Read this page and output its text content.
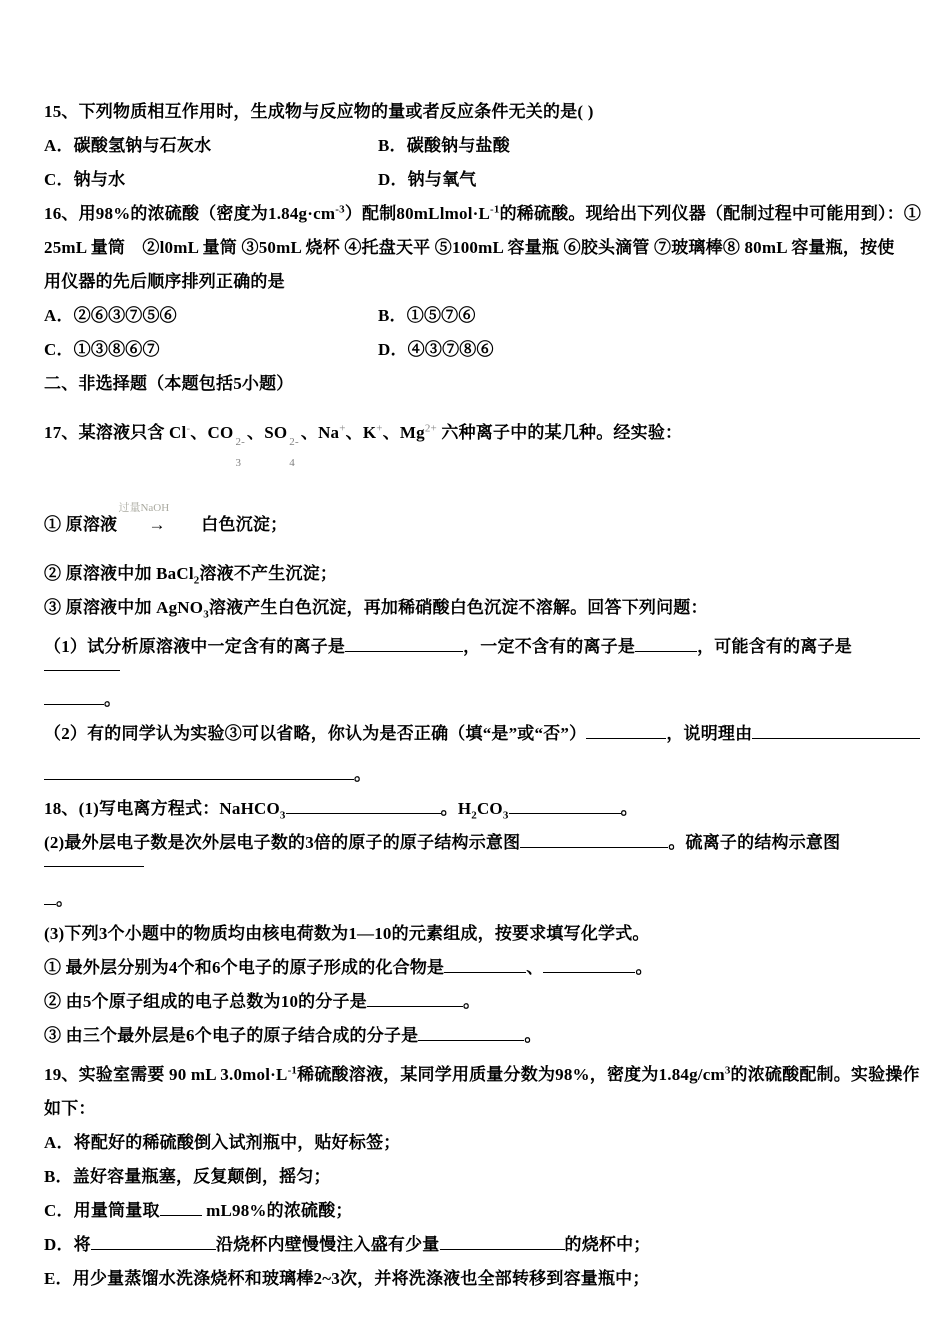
15、下列物质相互作用时，生成物与反应物的量或者反应条件无关的是( )
A．碳酸氢钠与石灰水	B．碳酸钠与盐酸
C．钠与水	D．钠与氧气
16、用98%的浓硫酸（密度为$1.84g\cdot cm^{-3}$）配制$80mLlmol\cdot L^{-1}$的稀硫酸。现给出下列仪器（配制过程中可能用到）：①
25mL 量筒　②l0mL 量筒 ③50mL 烧杯 ④托盘天平 ⑤100mL 容量瓶 ⑥胶头滴管 ⑦玻璃棒⑧ 80mL 容量瓶，按使
用仪器的先后顺序排列正确的是
A．②⑥③⑦⑤⑥	B．①⑤⑦⑥
C．①③⑧⑥⑦	D．④③⑦⑧⑥
二、非选择题（本题包括5小题）
17、某溶液只含 Cl-、CO 2-
3
、SO 2-
4
、Na+、K+、$Mg^{2+}$ 六种离子中的某几种。经实验：
① 原溶液　
过量NaOH
→　 白色沉淀；
② 原溶液中加 BaCl$_2$溶液不产生沉淀；
③ 原溶液中加 AgNO$_3$溶液产生白色沉淀，再加稀硝酸白色沉淀不溶解。回答下列问题：
（1）试分析原溶液中一定含有的离子是	，一定不含有的离子是	，可能含有的离子是
。
（2）有的同学认为实验③可以省略，你认为是否正确（填“是”或“否”）	，说明理由
。
18、(1)写电离方程式：NaHCO$_3$	。$H_2CO_3$	。
(2)最外层电子数是次外层电子数的3倍的原子的原子结构示意图	。硫离子的结构示意图
。
(3)下列3个小题中的物质均由核电荷数为1—10的元素组成，按要求填写化学式。
① 最外层分别为4个和6个电子的原子形成的化合物是	、	。
② 由5个原子组成的电子总数为10的分子是	。
③ 由三个最外层是6个电子的原子结合成的分子是	。
19、实验室需要 90 mL $3.0mol\cdot L^{-1}$稀硫酸溶液，某同学用质量分数为98%，密度为$1.84g/cm^3$的浓硫酸配制。实验操作
如下：
A．将配好的稀硫酸倒入试剂瓶中，贴好标签；
B．盖好容量瓶塞，反复颠倒，摇匀；
C．用量筒量取 mL98%的浓硫酸；
D．将	沿烧杯内壁慢慢注入盛有少量	的烧杯中；
E．用少量蒸馏水洗涤烧杯和玻璃棒2~3次，并将洗涤液也全部转移到容量瓶中；
